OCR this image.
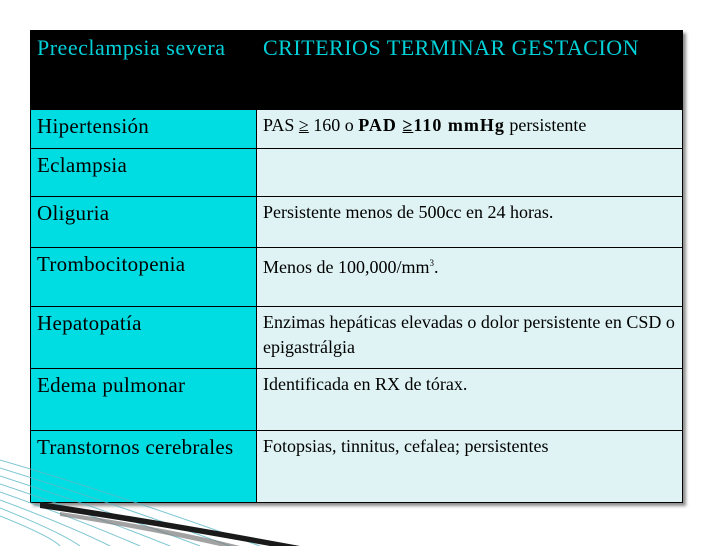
Preeclampsia severa	CRITERIOS TERMINAR GESTACION
Hipertensión	PAS ≥ 160 o PAD ≥110 mmHg persistente

Eclampsia	
Oliguria	Persistente menos de 500cc en 24 horas.
Trombocitopenia	Menos de $100,000/mm^3$.
Hepatopatía	Enzimas hepáticas elevadas o dolor persistente en CSD o epigastrálgia
Edema pulmonar	Identificada en RX de tórax.
Transtornos cerebrales	Fotopsias, tinnitus, cefalea; persistentes
